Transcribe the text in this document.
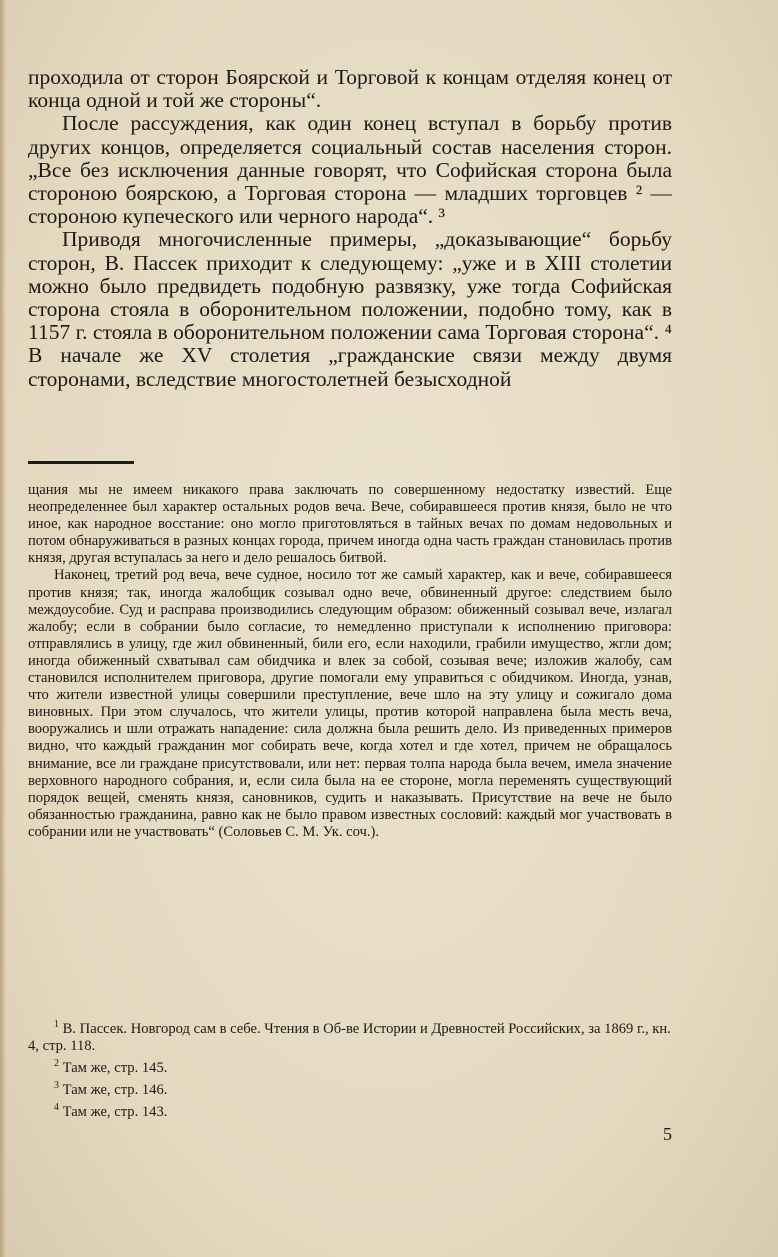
проходила от сторон Боярской и Торговой к концам отделяя конец от конца одной и той же стороны“.

После рассуждения, как один конец вступал в борьбу против других концов, определяется социальный состав населения сторон. „Все без исключения данные говорят, что Софийская сторона была стороною боярскою, а Торговая сторона — младших торговцев ² — стороною купеческого или черного народа“. ³

Приводя многочисленные примеры, „доказывающие“ борьбу сторон, В. Пассек приходит к следующему: „уже и в XIII столетии можно было предвидеть подобную развязку, уже тогда Софийская сторона стояла в оборонительном положении, подобно тому, как в 1157 г. стояла в оборонительном положении сама Торговая сторона“. ⁴ В начале же XV столетия „гражданские связи между двумя сторонами, вследствие многостолетней безысходной

щания мы не имеем никакого права заключать по совершенному недостатку известий. Еще неопределеннее был характер остальных родов веча. Вече, собиравшееся против князя, было не что иное, как народное восстание: оно могло приготовляться в тайных вечах по домам недовольных и потом обнаруживаться в разных концах города, причем иногда одна часть граждан становилась против князя, другая вступалась за него и дело решалось битвой.

Наконец, третий род веча, вече судное, носило тот же самый характер, как и вече, собиравшееся против князя; так, иногда жалобщик созывал одно вече, обвиненный другое: следствием было междоусобие. Суд и расправа производились следующим образом: обиженный созывал вече, излагал жалобу; если в собрании было согласие, то немедленно приступали к исполнению приговора: отправлялись в улицу, где жил обвиненный, били его, если находили, грабили имущество, жгли дом; иногда обиженный схватывал сам обидчика и влек за собой, созывая вече; изложив жалобу, сам становился исполнителем приговора, другие помогали ему управиться с обидчиком. Иногда, узнав, что жители известной улицы совершили преступление, вече шло на эту улицу и сожигало дома виновных. При этом случалось, что жители улицы, против которой направлена была месть веча, вооружались и шли отражать нападение: сила должна была решить дело. Из приведенных примеров видно, что каждый гражданин мог собирать вече, когда хотел и где хотел, причем не обращалось внимание, все ли граждане присутствовали, или нет: первая толпа народа была вечем, имела значение верховного народного собрания, и, если сила была на ее стороне, могла переменять существующий порядок вещей, сменять князя, сановников, судить и наказывать. Присутствие на вече не было обязанностью гражданина, равно как не было правом известных сословий: каждый мог участвовать в собрании или не участвовать“ (Соловьев С. М. Ук. соч.).

$^1$ В. Пассек. Новгород сам в себе. Чтения в Об-ве Истории и Древностей Российских, за 1869 г., кн. 4, стр. 118.

$^2$ Там же, стр. 145.

$^3$ Там же, стр. 146.

$^4$ Там же, стр. 143.

5
